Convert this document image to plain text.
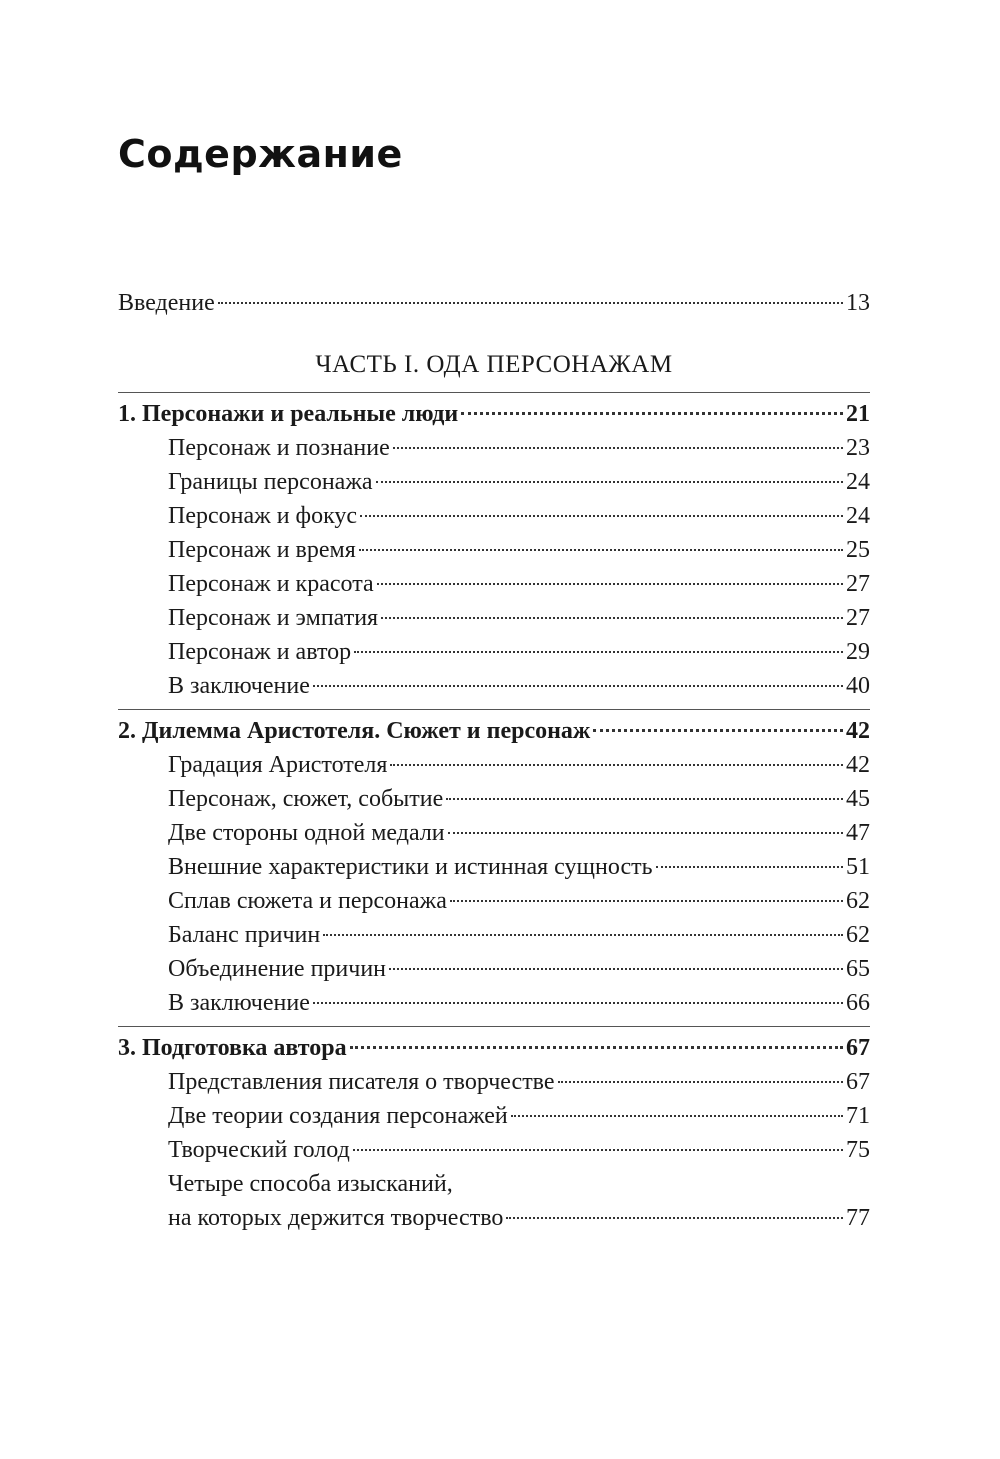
Содержание
Введение	13
ЧАСТЬ I. ОДА ПЕРСОНАЖАМ
1. Персонажи и реальные люди	21
Персонаж и познание	23
Границы персонажа	24
Персонаж и фокус	24
Персонаж и время	25
Персонаж и красота	27
Персонаж и эмпатия	27
Персонаж и автор	29
В заключение	40
2. Дилемма Аристотеля. Сюжет и персонаж	42
Градация Аристотеля	42
Персонаж, сюжет, событие	45
Две стороны одной медали	47
Внешние характеристики и истинная сущность	51
Сплав сюжета и персонажа	62
Баланс причин	62
Объединение причин	65
В заключение	66
3. Подготовка автора	67
Представления писателя о творчестве	67
Две теории создания персонажей	71
Творческий голод	75
Четыре способа изысканий,
на которых держится творчество	77
